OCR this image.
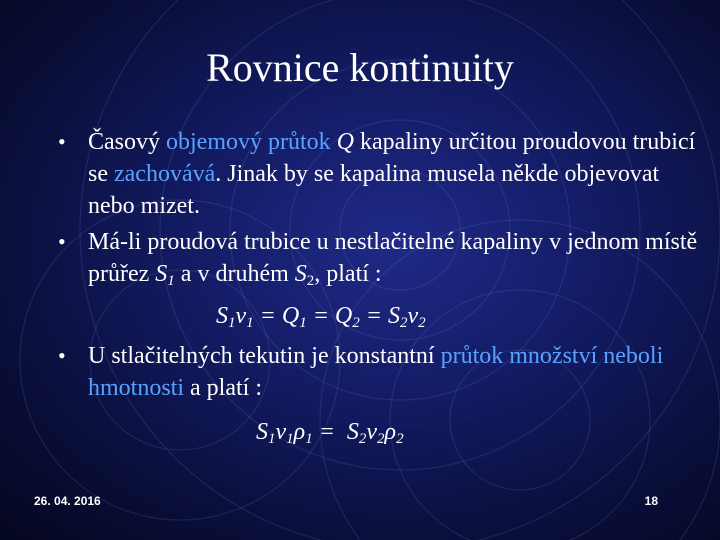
Rovnice kontinuity
• Časový objemový průtok Q kapaliny určitou proudovou trubicí se zachovává. Jinak by se kapalina musela někde objevovat nebo mizet.
• Má-li proudová trubice u nestlačitelné kapaliny v jednom místě průřez $S_1$ a v druhém $S_2$, platí :
$S_1v_1 = Q_1 = Q_2 = S_2v_2$
• U stlačitelných tekutin je konstantní průtok množství neboli hmotnosti a platí :
$S_1v_1\rho_1 = S_2v_2\rho_2$
26. 04. 2016	18
